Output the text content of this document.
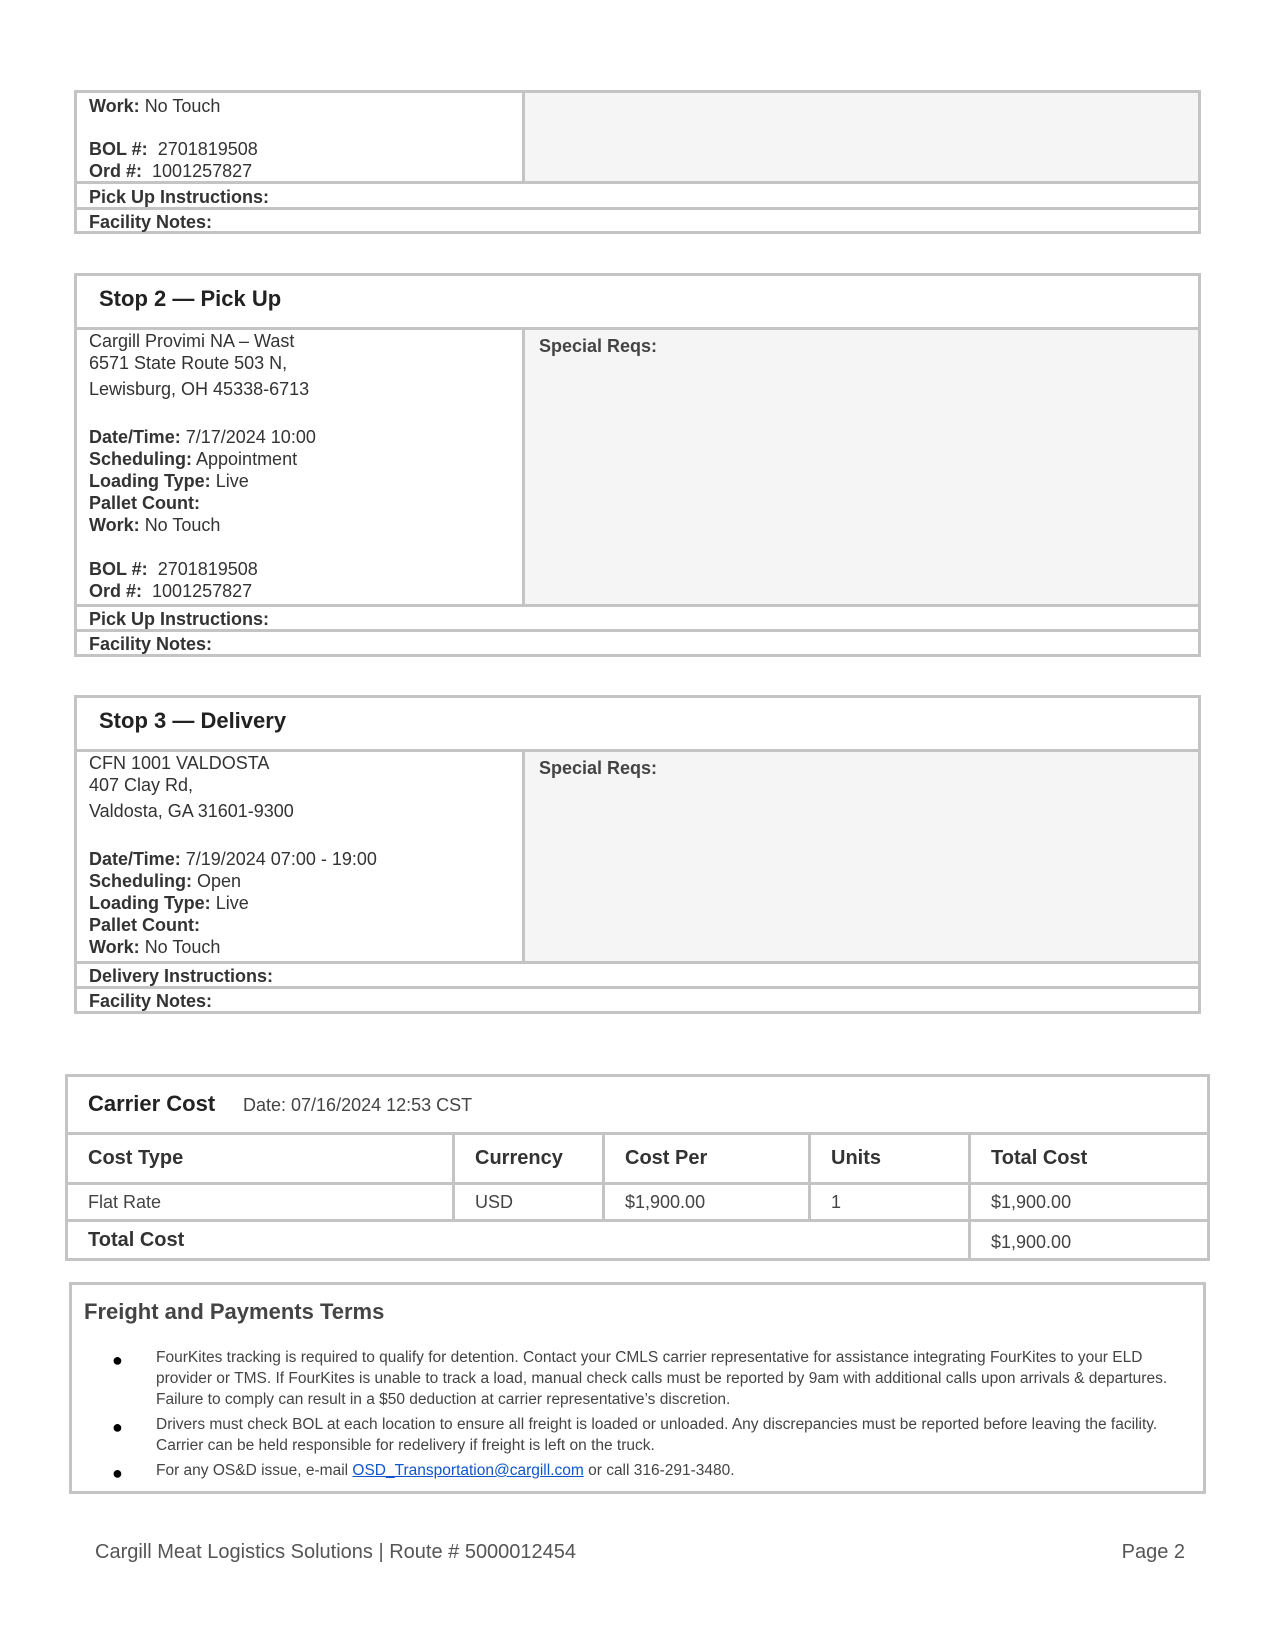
Work: No Touch
BOL #: 2701819508
Ord #: 1001257827
Pick Up Instructions:
Facility Notes:
Stop 2 — Pick Up
Special Reqs:
Cargill Provimi NA – Wast
6571 State Route 503 N,
Lewisburg, OH 45338-6713
Date/Time: 7/17/2024 10:00
Scheduling: Appointment
Loading Type: Live
Pallet Count:
Work: No Touch
BOL #: 2701819508
Ord #: 1001257827
Pick Up Instructions:
Facility Notes:
Stop 3 — Delivery
Special Reqs:
CFN 1001 VALDOSTA
407 Clay Rd,
Valdosta, GA 31601-9300
Date/Time: 7/19/2024 07:00 - 19:00
Scheduling: Open
Loading Type: Live
Pallet Count:
Work: No Touch
Delivery Instructions:
Facility Notes:
Carrier Cost Date: 07/16/2024 12:53 CST
Cost Type	Currency	Cost Per	Units	Total Cost
Flat Rate	USD	$1,900.00	1	$1,900.00
Total Cost	$1,900.00
Freight and Payments Terms
● FourKites tracking is required to qualify for detention. Contact your CMLS carrier representative for assistance integrating FourKites to your ELD provider or TMS. If FourKites is unable to track a load, manual check calls must be reported by 9am with additional calls upon arrivals & departures. Failure to comply can result in a $50 deduction at carrier representative’s discretion.
● Drivers must check BOL at each location to ensure all freight is loaded or unloaded. Any discrepancies must be reported before leaving the facility. Carrier can be held responsible for redelivery if freight is left on the truck.
● For any OS&D issue, e-mail OSD_Transportation@cargill.com or call 316-291-3480.
Cargill Meat Logistics Solutions | Route # 5000012454	Page 2
